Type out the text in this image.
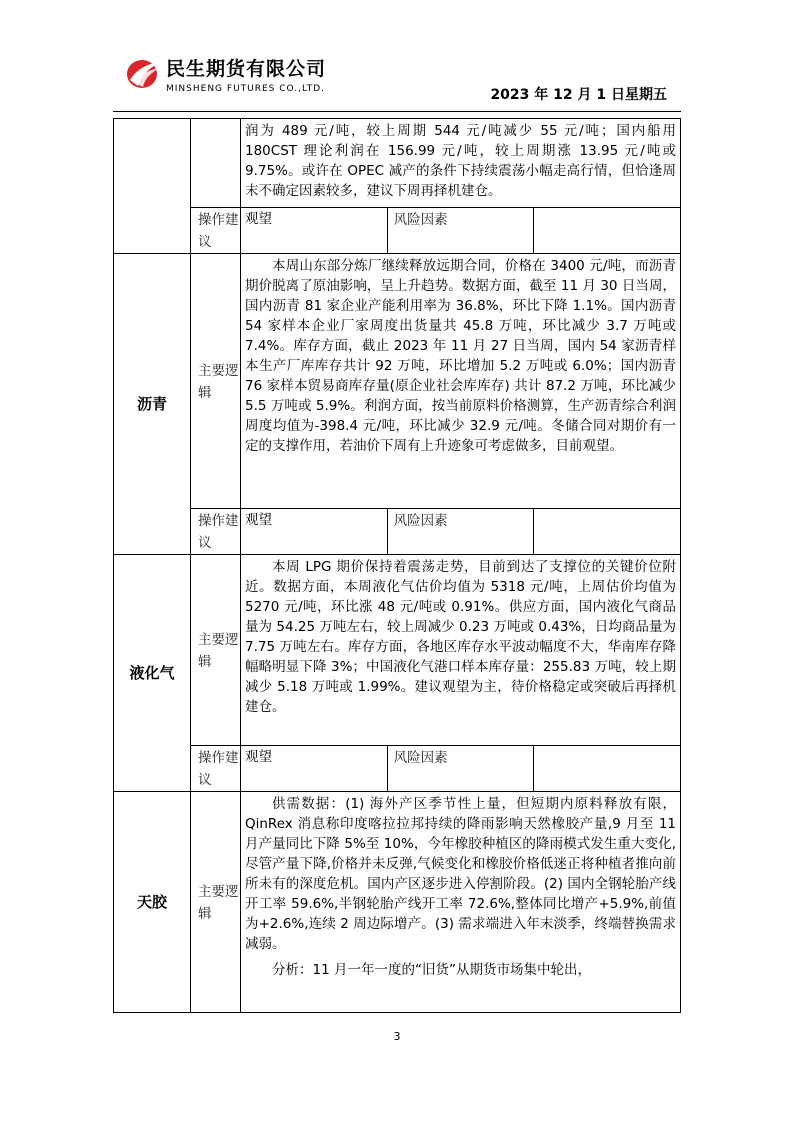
民生期货有限公司
MINSHENG FUTURES CO.,LTD.	2023 年 12 月 1 日星期五

		润为 489 元/吨，较上周期 544 元/吨减少 55 元/吨；国内船用 180CST 理论利润在 156.99 元/吨，较上周期涨 13.95 元/吨或 9.75%。或许在 OPEC 减产的条件下持续震荡小幅走高行情，但恰逢周末不确定因素较多，建议下周再择机建仓。		

	操作建议	观望	风险因素	
沥青	主要逻辑	本周山东部分炼厂继续释放远期合同，价格在 3400 元/吨，而沥青期价脱离了原油影响，呈上升趋势。数据方面，截至 11 月 30 日当周，国内沥青 81 家企业产能利用率为 36.8%，环比下降 1.1%。国内沥青 54 家样本企业厂家周度出货量共 45.8 万吨，环比减少 3.7 万吨或 7.4%。库存方面，截止 2023 年 11 月 27 日当周，国内 54 家沥青样本生产厂库库存共计 92 万吨，环比增加 5.2 万吨或 6.0%；国内沥青 76 家样本贸易商库存量(原企业社会库库存) 共计 87.2 万吨，环比减少 5.5 万吨或 5.9%。利润方面，按当前原料价格测算，生产沥青综合利润周度均值为-398.4 元/吨，环比减少 32.9 元/吨。冬储合同对期价有一定的支撑作用，若油价下周有上升迹象可考虑做多，目前观望。		

	操作建议	观望	风险因素	
液化气	主要逻辑	本周 LPG 期价保持着震荡走势，目前到达了支撑位的关键价位附近。数据方面，本周液化气估价均值为 5318 元/吨，上周估价均值为 5270 元/吨，环比涨 48 元/吨或 0.91%。供应方面，国内液化气商品量为 54.25 万吨左右，较上周减少 0.23 万吨或 0.43%，日均商品量为 7.75 万吨左右。库存方面，各地区库存水平波动幅度不大，华南库存降幅略明显下降 3%；中国液化气港口样本库存量：255.83 万吨，较上期减少 5.18 万吨或 1.99%。建议观望为主，待价格稳定或突破后再择机建仓。		

	操作建议	观望	风险因素	
天胶	主要逻辑	供需数据：(1) 海外产区季节性上量，但短期内原料释放有限，QinRex 消息称印度喀拉拉邦持续的降雨影响天然橡胶产量,9 月至 11 月产量同比下降 5%至 10%，今年橡胶种植区的降雨模式发生重大变化,尽管产量下降,价格并未反弹,气候变化和橡胶价格低迷正将种植者推向前所未有的深度危机。国内产区逐步进入停割阶段。(2) 国内全钢轮胎产线开工率 59.6%,半钢轮胎产线开工率 72.6%,整体同比增产+5.9%,前值为+2.6%,连续 2 周边际增产。(3) 需求端进入年末淡季，终端替换需求减弱。

分析：11 月一年一度的“旧货”从期货市场集中轮出，		

3
